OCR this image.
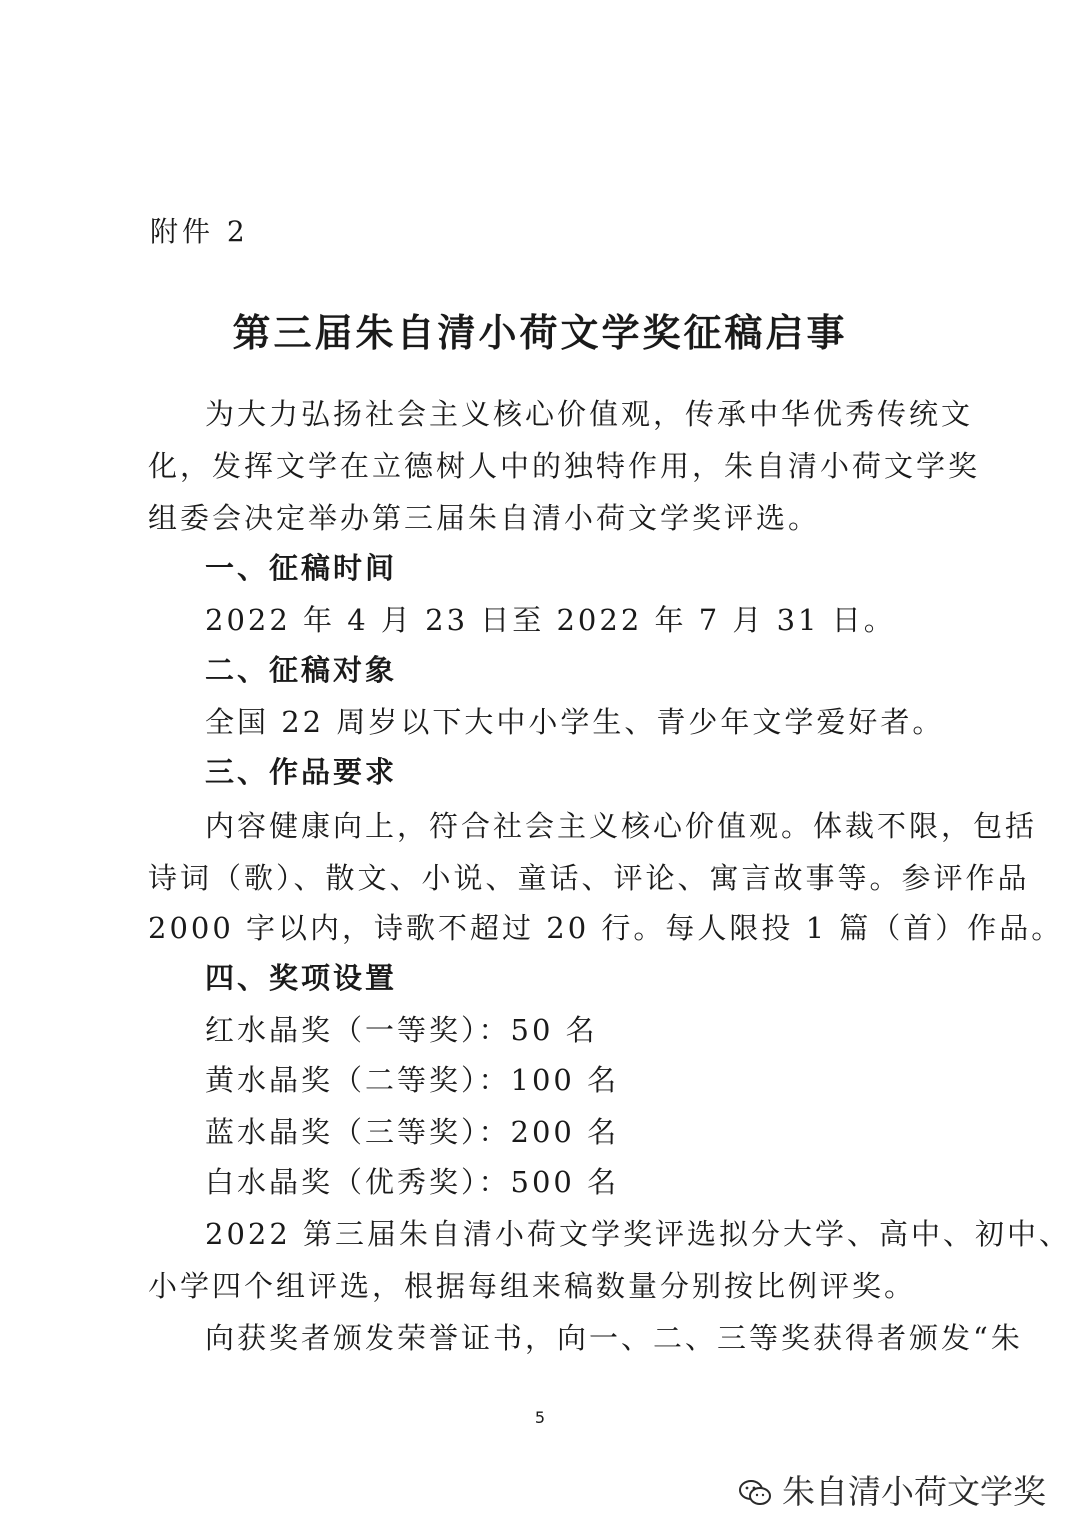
附件 2
第三届朱自清小荷文学奖征稿启事
为大力弘扬社会主义核心价值观，传承中华优秀传统文
化，发挥文学在立德树人中的独特作用，朱自清小荷文学奖
组委会决定举办第三届朱自清小荷文学奖评选。
一、征稿时间
2022 年 4 月 23 日至 2022 年 7 月 31 日。
二、征稿对象
全国 22 周岁以下大中小学生、青少年文学爱好者。
三、作品要求
内容健康向上，符合社会主义核心价值观。体裁不限，包括
诗词（歌）、散文、小说、童话、评论、寓言故事等。参评作品
2000 字以内，诗歌不超过 20 行。每人限投 1 篇（首）作品。
四、奖项设置
红水晶奖（一等奖）：50 名
黄水晶奖（二等奖）：100 名
蓝水晶奖（三等奖）：200 名
白水晶奖（优秀奖）：500 名
2022 第三届朱自清小荷文学奖评选拟分大学、高中、初中、
小学四个组评选，根据每组来稿数量分别按比例评奖。
向获奖者颁发荣誉证书，向一、二、三等奖获得者颁发“朱
5
朱自清小荷文学奖
